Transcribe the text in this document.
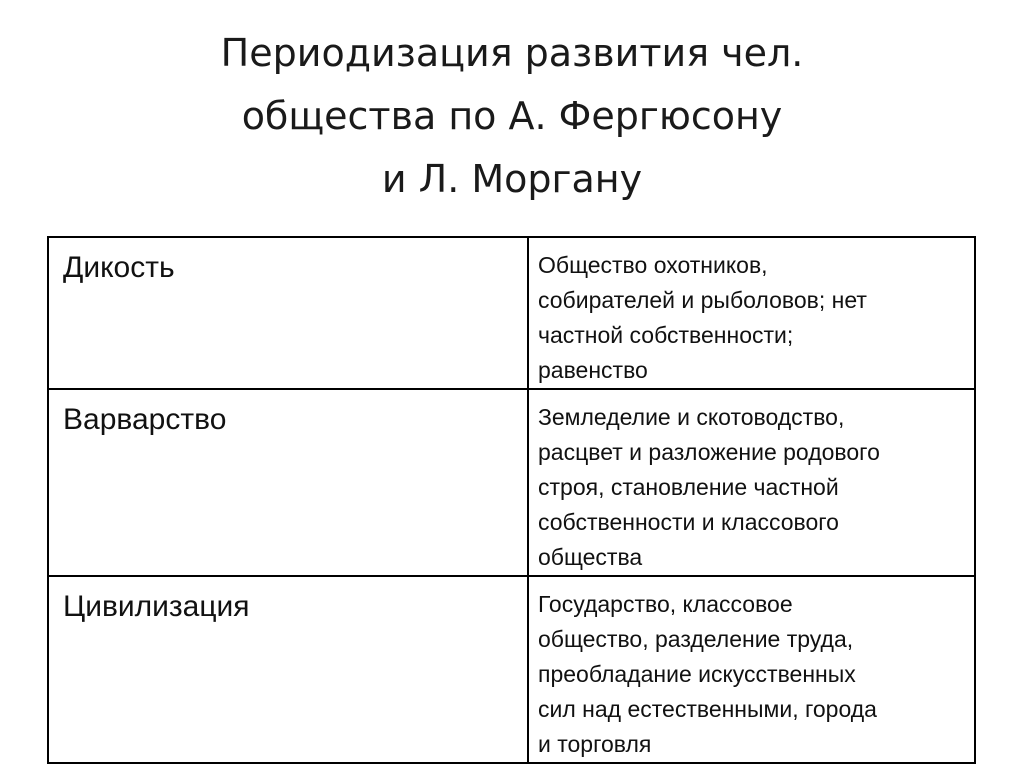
Периодизация развития чел.
общества по А. Фергюсону
и Л. Моргану
Дикость	Общество охотников,
собирателей и рыболовов; нет
частной собственности;
равенство

Варварство	Земледелие и скотоводство,
расцвет и разложение родового
строя, становление частной
собственности и классового
общества

Цивилизация	Государство, классовое
общество, разделение труда,
преобладание искусственных
сил над естественными, города
и торговля
